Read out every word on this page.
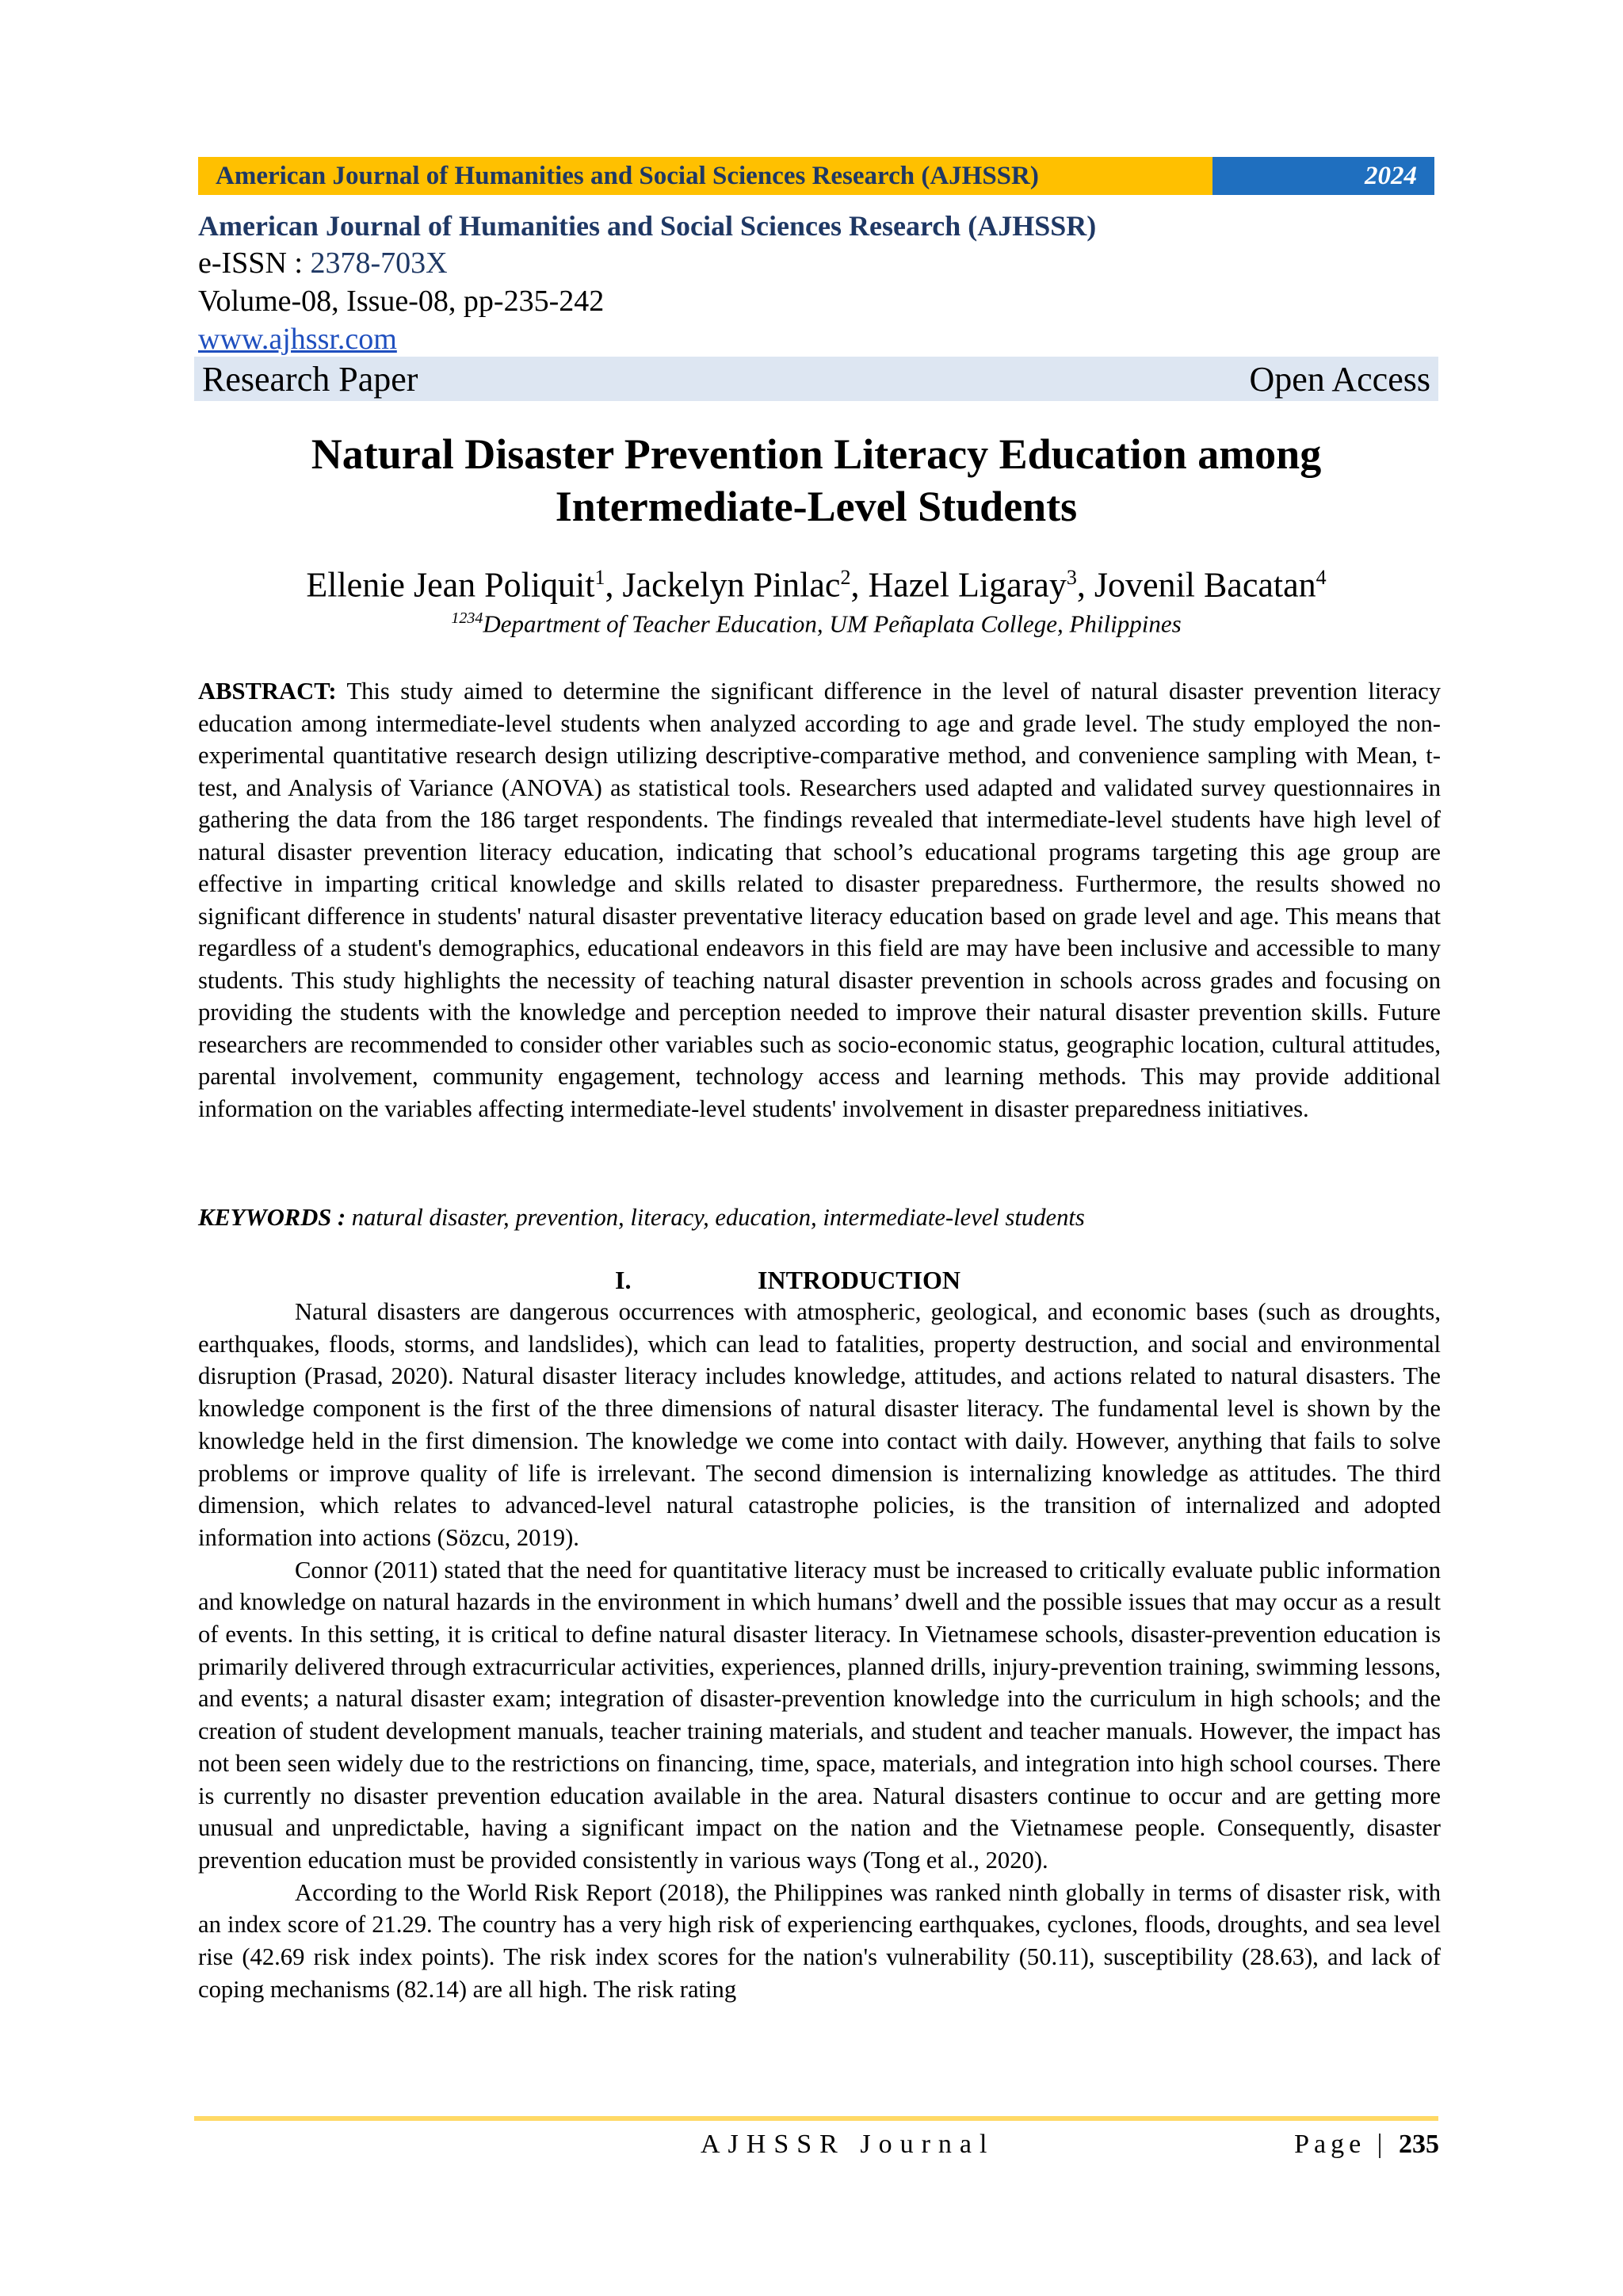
American Journal of Humanities and Social Sciences Research (AJHSSR)	2024
American Journal of Humanities and Social Sciences Research (AJHSSR)
e-ISSN : 2378-703X
Volume-08, Issue-08, pp-235-242
www.ajhssr.com
Research Paper	Open Access
Natural Disaster Prevention Literacy Education among
Intermediate-Level Students
Ellenie Jean Poliquit$^1$, Jackelyn Pinlac$^2$, Hazel Ligaray$^3$, Jovenil Bacatan$^4$
$^{1234}$Department of Teacher Education, UM Peñaplata College, Philippines

ABSTRACT: This study aimed to determine the significant difference in the level of natural disaster prevention literacy education among intermediate-level students when analyzed according to age and grade level. The study employed the non-experimental quantitative research design utilizing descriptive-comparative method, and convenience sampling with Mean, t-test, and Analysis of Variance (ANOVA) as statistical tools. Researchers used adapted and validated survey questionnaires in gathering the data from the 186 target respondents. The findings revealed that intermediate-level students have high level of natural disaster prevention literacy education, indicating that school’s educational programs targeting this age group are effective in imparting critical knowledge and skills related to disaster preparedness. Furthermore, the results showed no significant difference in students' natural disaster preventative literacy education based on grade level and age. This means that regardless of a student's demographics, educational endeavors in this field are may have been inclusive and accessible to many students. This study highlights the necessity of teaching natural disaster prevention in schools across grades and focusing on providing the students with the knowledge and perception needed to improve their natural disaster prevention skills. Future researchers are recommended to consider other variables such as socio-economic status, geographic location, cultural attitudes, parental involvement, community engagement, technology access and learning methods. This may provide additional information on the variables affecting intermediate-level students' involvement in disaster preparedness initiatives.

KEYWORDS : natural disaster, prevention, literacy, education, intermediate-level students
I.	INTRODUCTION

Natural disasters are dangerous occurrences with atmospheric, geological, and economic bases (such as droughts, earthquakes, floods, storms, and landslides), which can lead to fatalities, property destruction, and social and environmental disruption (Prasad, 2020). Natural disaster literacy includes knowledge, attitudes, and actions related to natural disasters. The knowledge component is the first of the three dimensions of natural disaster literacy. The fundamental level is shown by the knowledge held in the first dimension. The knowledge we come into contact with daily. However, anything that fails to solve problems or improve quality of life is irrelevant. The second dimension is internalizing knowledge as attitudes. The third dimension, which relates to advanced-level natural catastrophe policies, is the transition of internalized and adopted information into actions (Sözcu, 2019).

Connor (2011) stated that the need for quantitative literacy must be increased to critically evaluate public information and knowledge on natural hazards in the environment in which humans’ dwell and the possible issues that may occur as a result of events. In this setting, it is critical to define natural disaster literacy. In Vietnamese schools, disaster-prevention education is primarily delivered through extracurricular activities, experiences, planned drills, injury-prevention training, swimming lessons, and events; a natural disaster exam; integration of disaster-prevention knowledge into the curriculum in high schools; and the creation of student development manuals, teacher training materials, and student and teacher manuals. However, the impact has not been seen widely due to the restrictions on financing, time, space, materials, and integration into high school courses. There is currently no disaster prevention education available in the area. Natural disasters continue to occur and are getting more unusual and unpredictable, having a significant impact on the nation and the Vietnamese people. Consequently, disaster prevention education must be provided consistently in various ways (Tong et al., 2020).

According to the World Risk Report (2018), the Philippines was ranked ninth globally in terms of disaster risk, with an index score of 21.29. The country has a very high risk of experiencing earthquakes, cyclones, floods, droughts, and sea level rise (42.69 risk index points). The risk index scores for the nation's vulnerability (50.11), susceptibility (28.63), and lack of coping mechanisms (82.14) are all high. The risk rating

AJHSSR Journal	Page | 235
